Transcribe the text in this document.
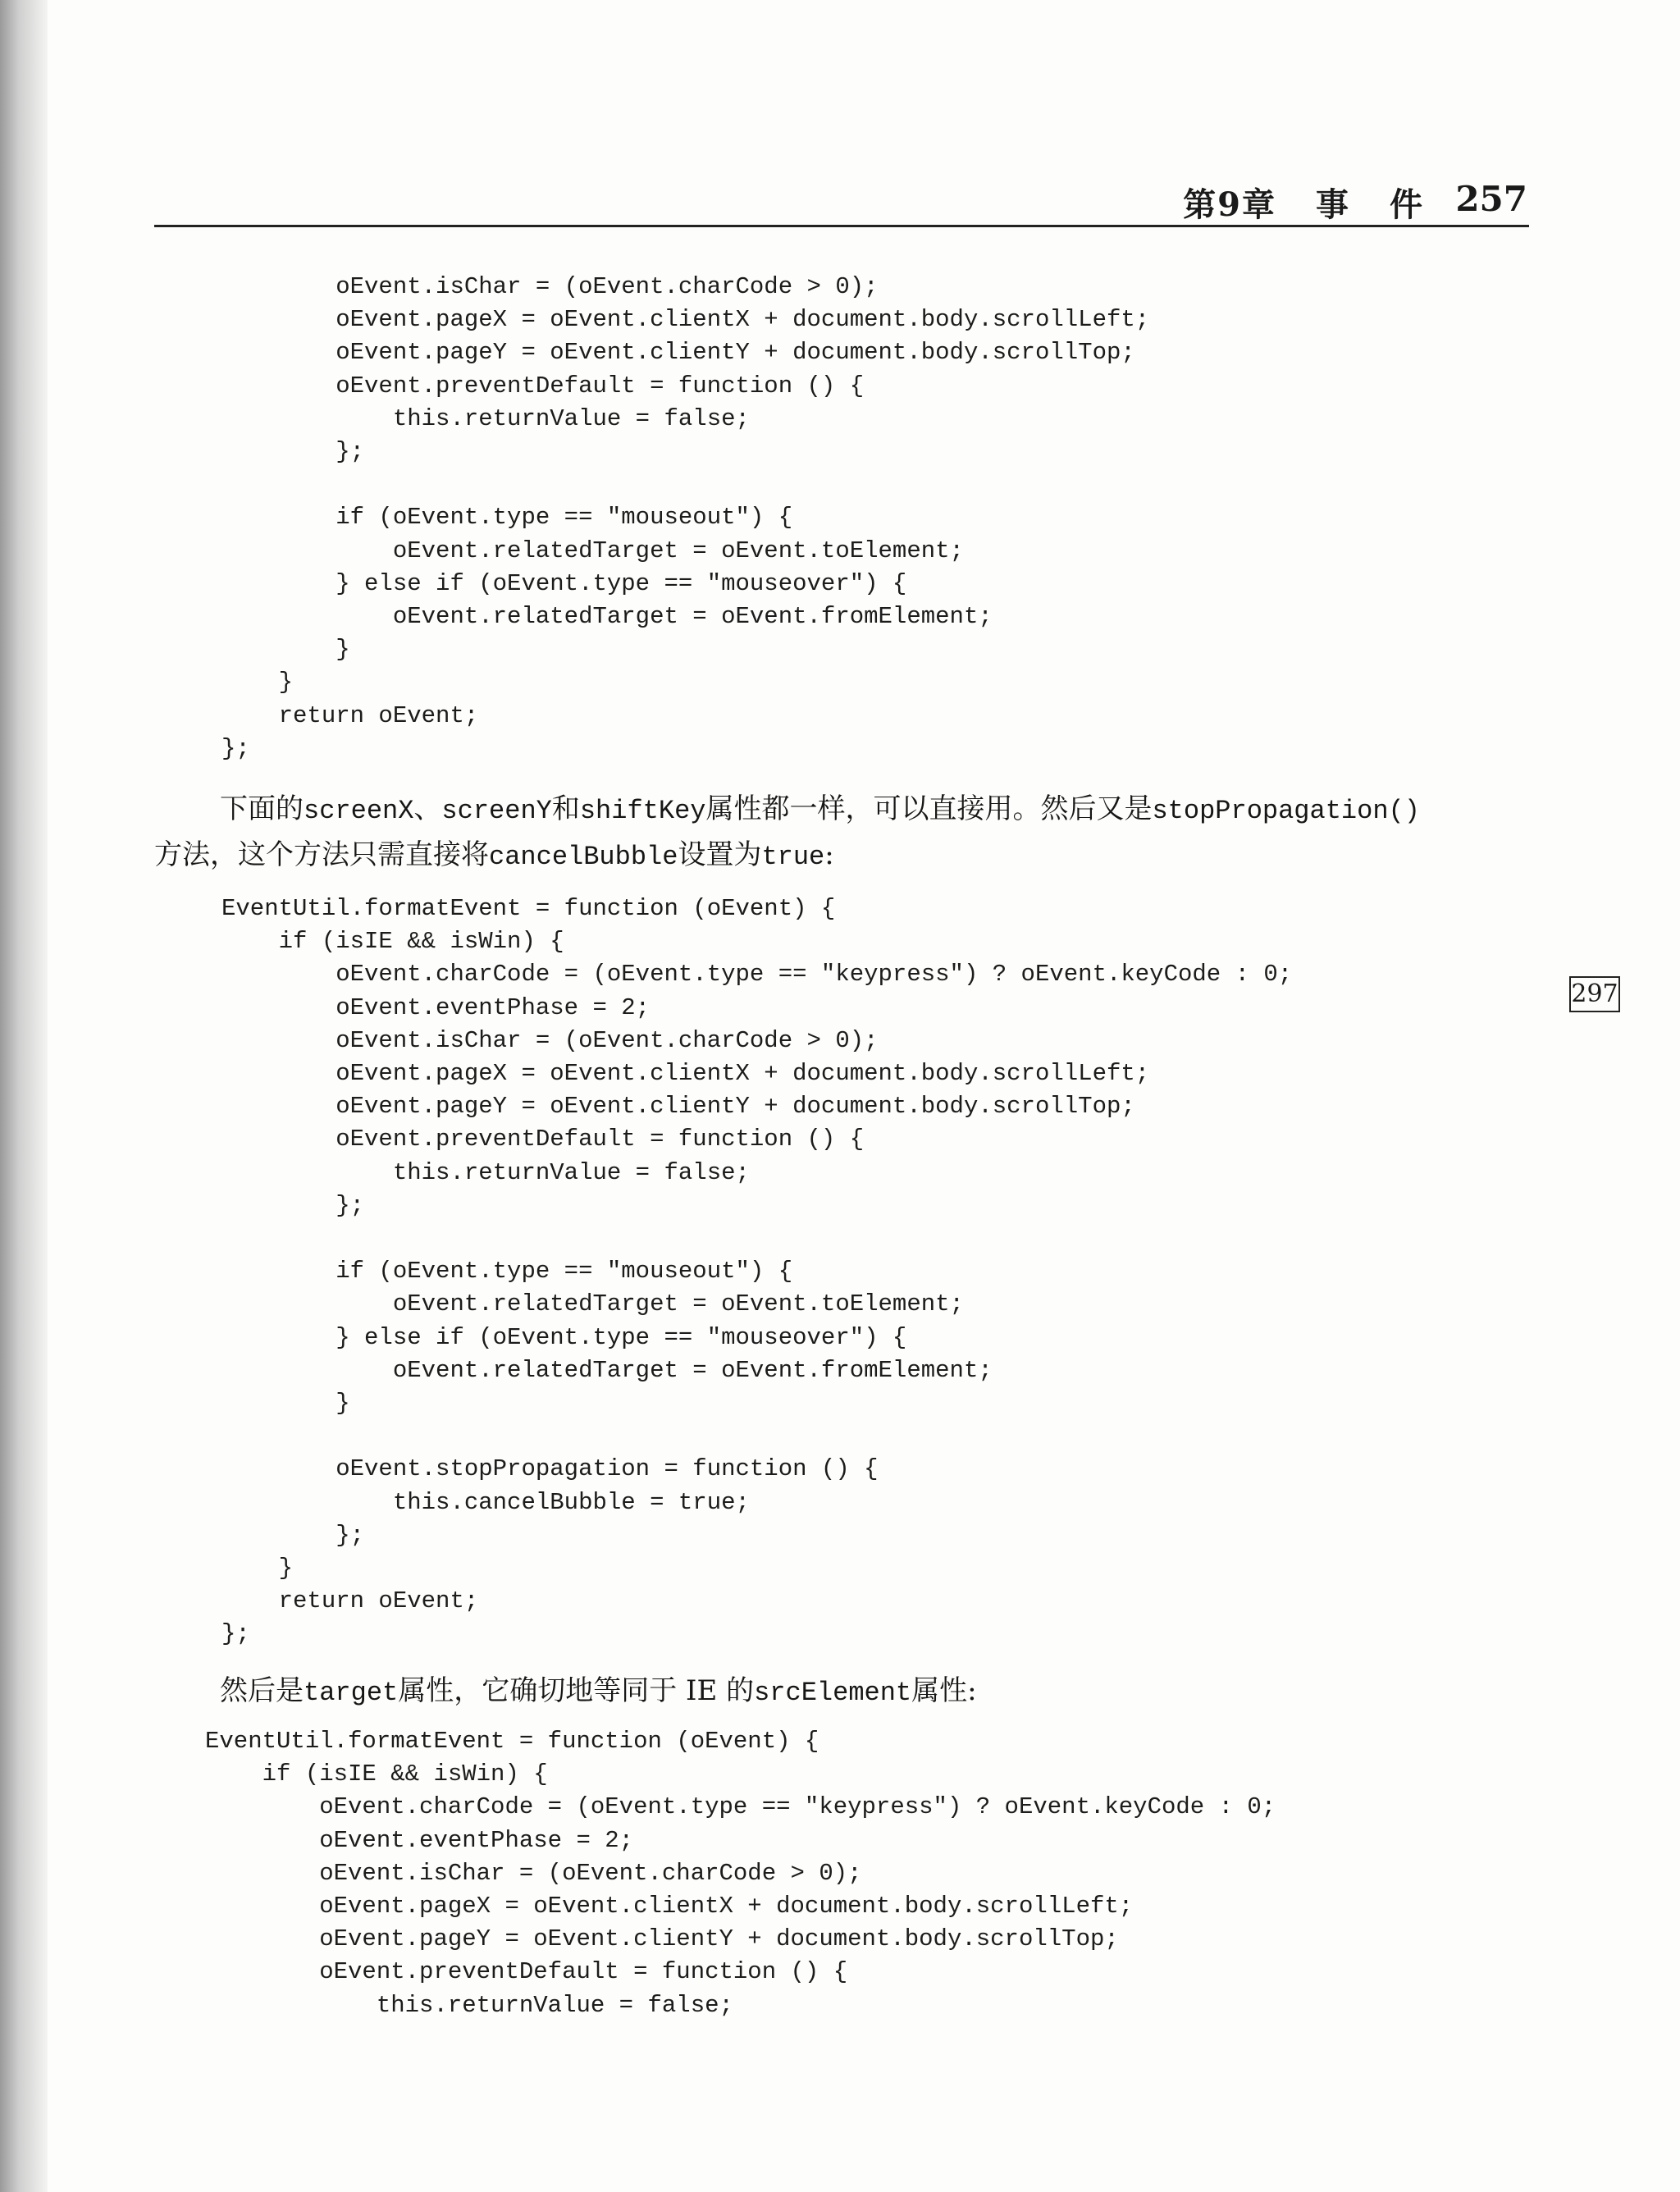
第9章 事 件 257
297
oEvent.isChar = (oEvent.charCode > 0);
oEvent.pageX = oEvent.clientX + document.body.scrollLeft;
oEvent.pageY = oEvent.clientY + document.body.scrollTop;
oEvent.preventDefault = function () {
this.returnValue = false;
};

if (oEvent.type == "mouseout") {
oEvent.relatedTarget = oEvent.toElement;
} else if (oEvent.type == "mouseover") {
oEvent.relatedTarget = oEvent.fromElement;
}
}
return oEvent;
};
下面的screenX、screenY和shiftKey属性都一样，可以直接用。然后又是stopPropagation()
方法，这个方法只需直接将cancelBubble设置为true:
EventUtil.formatEvent = function (oEvent) {
if (isIE && isWin) {
oEvent.charCode = (oEvent.type == "keypress") ? oEvent.keyCode : 0;
oEvent.eventPhase = 2;
oEvent.isChar = (oEvent.charCode > 0);
oEvent.pageX = oEvent.clientX + document.body.scrollLeft;
oEvent.pageY = oEvent.clientY + document.body.scrollTop;
oEvent.preventDefault = function () {
this.returnValue = false;
};

if (oEvent.type == "mouseout") {
oEvent.relatedTarget = oEvent.toElement;
} else if (oEvent.type == "mouseover") {
oEvent.relatedTarget = oEvent.fromElement;
}

oEvent.stopPropagation = function () {
this.cancelBubble = true;
};
}
return oEvent;
};
然后是target属性，它确切地等同于 IE 的srcElement属性:
EventUtil.formatEvent = function (oEvent) {
if (isIE && isWin) {
oEvent.charCode = (oEvent.type == "keypress") ? oEvent.keyCode : 0;
oEvent.eventPhase = 2;
oEvent.isChar = (oEvent.charCode > 0);
oEvent.pageX = oEvent.clientX + document.body.scrollLeft;
oEvent.pageY = oEvent.clientY + document.body.scrollTop;
oEvent.preventDefault = function () {
this.returnValue = false;
